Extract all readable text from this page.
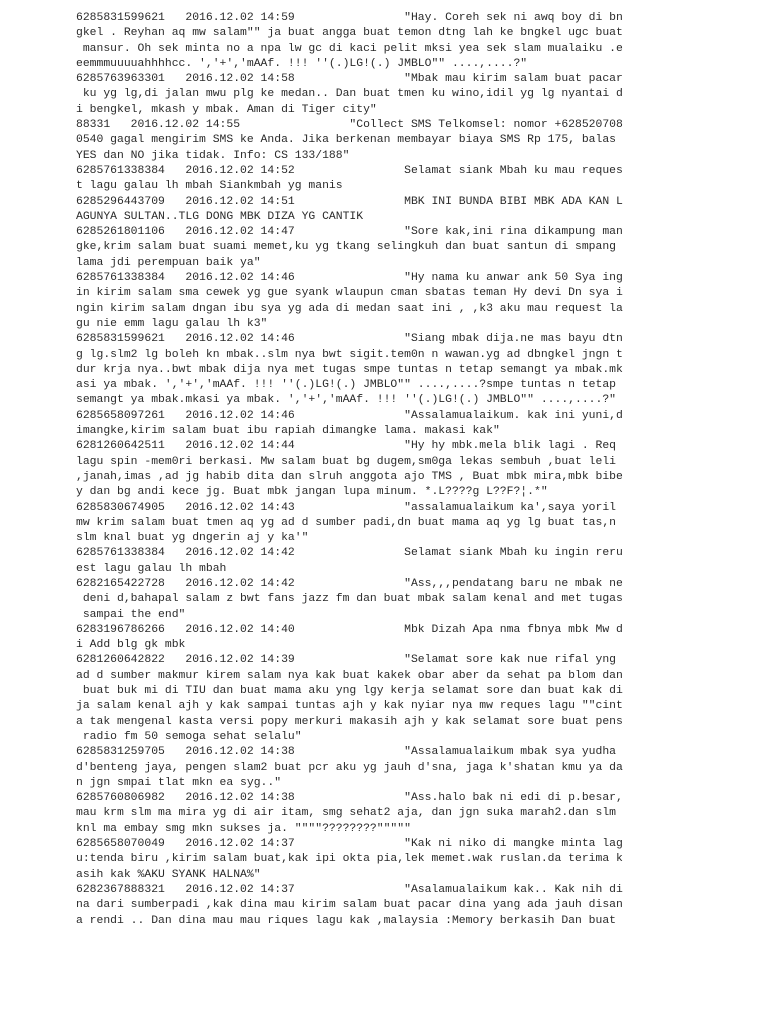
6285831599621   2016.12.02 14:59                "Hay. Coreh sek ni awq boy di bn
gkel . Reyhan aq mw salam"" ja buat angga buat temon dtng lah ke bngkel ugc buat
mansur. Oh sek minta no a npa lw gc di kaci pelit mksi yea sek slam mualaiku .e
eemmmuuuuahhhhcc. ','+','mAAf. !!! ''(.)LG!(.) JMBLO"" ....,....?"
6285763963301   2016.12.02 14:58                "Mbak mau kirim salam buat pacar
ku yg lg,di jalan mwu plg ke medan.. Dan buat tmen ku wino,idil yg lg nyantai d
i bengkel, mkash y mbak. Aman di Tiger city"
88331   2016.12.02 14:55                "Collect SMS Telkomsel: nomor +628520708
0540 gagal mengirim SMS ke Anda. Jika berkenan membayar biaya SMS Rp 175, balas
YES dan NO jika tidak. Info: CS 133/188"
6285761338384   2016.12.02 14:52                Selamat siank Mbah ku mau reques
t lagu galau lh mbah Siankmbah yg manis
6285296443709   2016.12.02 14:51                MBK INI BUNDA BIBI MBK ADA KAN L
AGUNYA SULTAN..TLG DONG MBK DIZA YG CANTIK
6285261801106   2016.12.02 14:47                "Sore kak,ini rina dikampung man
gke,krim salam buat suami memet,ku yg tkang selingkuh dan buat santun di smpang
lama jdi perempuan baik ya"
6285761338384   2016.12.02 14:46                "Hy nama ku anwar ank 50 Sya ing
in kirim salam sma cewek yg gue syank wlaupun cman sbatas teman Hy devi Dn sya i
ngin kirim salam dngan ibu sya yg ada di medan saat ini , ,k3 aku mau request la
gu nie emm lagu galau lh k3"
6285831599621   2016.12.02 14:46                "Siang mbak dija.ne mas bayu dtn
g lg.slm2 lg boleh kn mbak..slm nya bwt sigit.tem0n n wawan.yg ad dbngkel jngn t
dur krja nya..bwt mbak dija nya met tugas smpe tuntas n tetap semangt ya mbak.mk
asi ya mbak. ','+','mAAf. !!! ''(.)LG!(.) JMBLO"" ....,....?smpe tuntas n tetap
semangt ya mbak.mkasi ya mbak. ','+','mAAf. !!! ''(.)LG!(.) JMBLO"" ....,....?"
6285658097261   2016.12.02 14:46                "Assalamualaikum. kak ini yuni,d
imangke,kirim salam buat ibu rapiah dimangke lama. makasi kak"
6281260642511   2016.12.02 14:44                "Hy hy mbk.mela blik lagi . Req
lagu spin -mem0ri berkasi. Mw salam buat bg dugem,sm0ga lekas sembuh ,buat leli
,janah,imas ,ad jg habib dita dan slruh anggota ajo TMS , Buat mbk mira,mbk bibe
y dan bg andi kece jg. Buat mbk jangan lupa minum. *.L????g L??F?¦.*"
6285830674905   2016.12.02 14:43                "assalamualaikum ka',saya yoril
mw krim salam buat tmen aq yg ad d sumber padi,dn buat mama aq yg lg buat tas,n
slm knal buat yg dngerin aj y ka'"
6285761338384   2016.12.02 14:42                Selamat siank Mbah ku ingin reru
est lagu galau lh mbah
6282165422728   2016.12.02 14:42                "Ass,,,pendatang baru ne mbak ne
deni d,bahapal salam z bwt fans jazz fm dan buat mbak salam kenal and met tugas
sampai the end"
6283196786266   2016.12.02 14:40                Mbk Dizah Apa nma fbnya mbk Mw d
i Add blg gk mbk
6281260642822   2016.12.02 14:39                "Selamat sore kak nue rifal yng
ad d sumber makmur kirem salam nya kak buat kakek obar aber da sehat pa blom dan
buat buk mi di TIU dan buat mama aku yng lgy kerja selamat sore dan buat kak di
ja salam kenal ajh y kak sampai tuntas ajh y kak nyiar nya mw reques lagu ""cint
a tak mengenal kasta versi popy merkuri makasih ajh y kak selamat sore buat pens
radio fm 50 semoga sehat selalu"
6285831259705   2016.12.02 14:38                "Assalamualaikum mbak sya yudha
d'benteng jaya, pengen slam2 buat pcr aku yg jauh d'sna, jaga k'shatan kmu ya da
n jgn smpai tlat mkn ea syg.."
6285760806982   2016.12.02 14:38                "Ass.halo bak ni edi di p.besar,
mau krm slm ma mira yg di air itam, smg sehat2 aja, dan jgn suka marah2.dan slm
knl ma embay smg mkn sukses ja. """"????????"""""
6285658070049   2016.12.02 14:37                "Kak ni niko di mangke minta lag
u:tenda biru ,kirim salam buat,kak ipi okta pia,lek memet.wak ruslan.da terima k
asih kak %AKU SYANK HALNA%"
6282367888321   2016.12.02 14:37                "Asalamualaikum kak.. Kak nih di
na dari sumberpadi ,kak dina mau kirim salam buat pacar dina yang ada jauh disan
a rendi .. Dan dina mau mau riques lagu kak ,malaysia :Memory berkasih Dan buat
